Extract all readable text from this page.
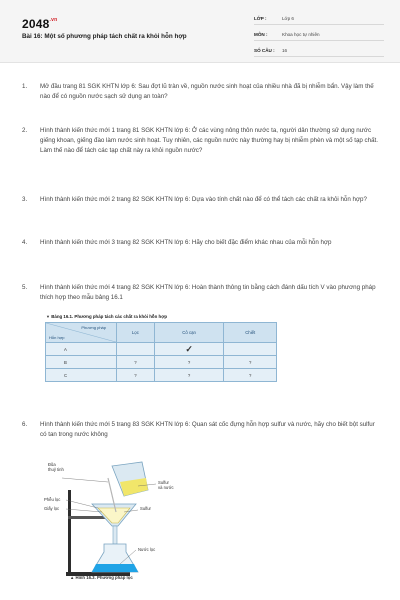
$2048^{.vn}$
Bài 16: Một số phương pháp tách chất ra khỏi hỗn hợp
LỚP :	Lớp 6
MÔN :	Khoa học tự nhiên
SỐ CÂU :	16
1.	Mở đầu trang 81 SGK KHTN lớp 6: Sau đợt lũ tràn về, nguồn nước sinh hoạt của nhiều nhà đã bị nhiễm bẩn. Vậy làm thế nào để có nguồn nước sạch sử dụng an toàn?
2.	Hình thành kiến thức mới 1 trang 81 SGK KHTN lớp 6: Ở các vùng nông thôn nước ta, người dân thường sử dụng nước giếng khoan, giếng đào làm nước sinh hoạt. Tuy nhiên, các nguồn nước này thường hay bị nhiễm phèn và một số tạp chất. Làm thế nào để tách các tạp chất này ra khỏi nguồn nước?
3.	Hình thành kiến thức mới 2 trang 82 SGK KHTN lớp 6: Dựa vào tính chất nào để có thể tách các chất ra khỏi hỗn hợp?
4.	Hình thành kiến thức mới 3 trang 82 SGK KHTN lớp 6: Hãy cho biết đặc điểm khác nhau của mỗi hỗn hợp
5.	Hình thành kiến thức mới 4 trang 82 SGK KHTN lớp 6: Hoàn thành thông tin bằng cách đánh dấu tích V vào phương pháp thích hợp theo mẫu bảng 16.1
▼ Bảng 16.1. Phương pháp tách các chất ra khỏi hỗn hợp
Phương pháp
Hỗn hợp	Lọc	Cô cạn	Chiết
A		✓	
B	?	?	?
C	?	?	?
6.	Hình thành kiến thức mới 5 trang 83 SGK KHTN lớp 6: Quan sát cốc đựng hỗn hợp sulfur và nước, hãy cho biết bột sulfur có tan trong nước không
Đũa
thuỷ tinh
Sulfur
và nước
Phễu lọc
Giấy lọc	Sulfur
Nước lọc
▲ Hình 16.3. Phương pháp lọc
